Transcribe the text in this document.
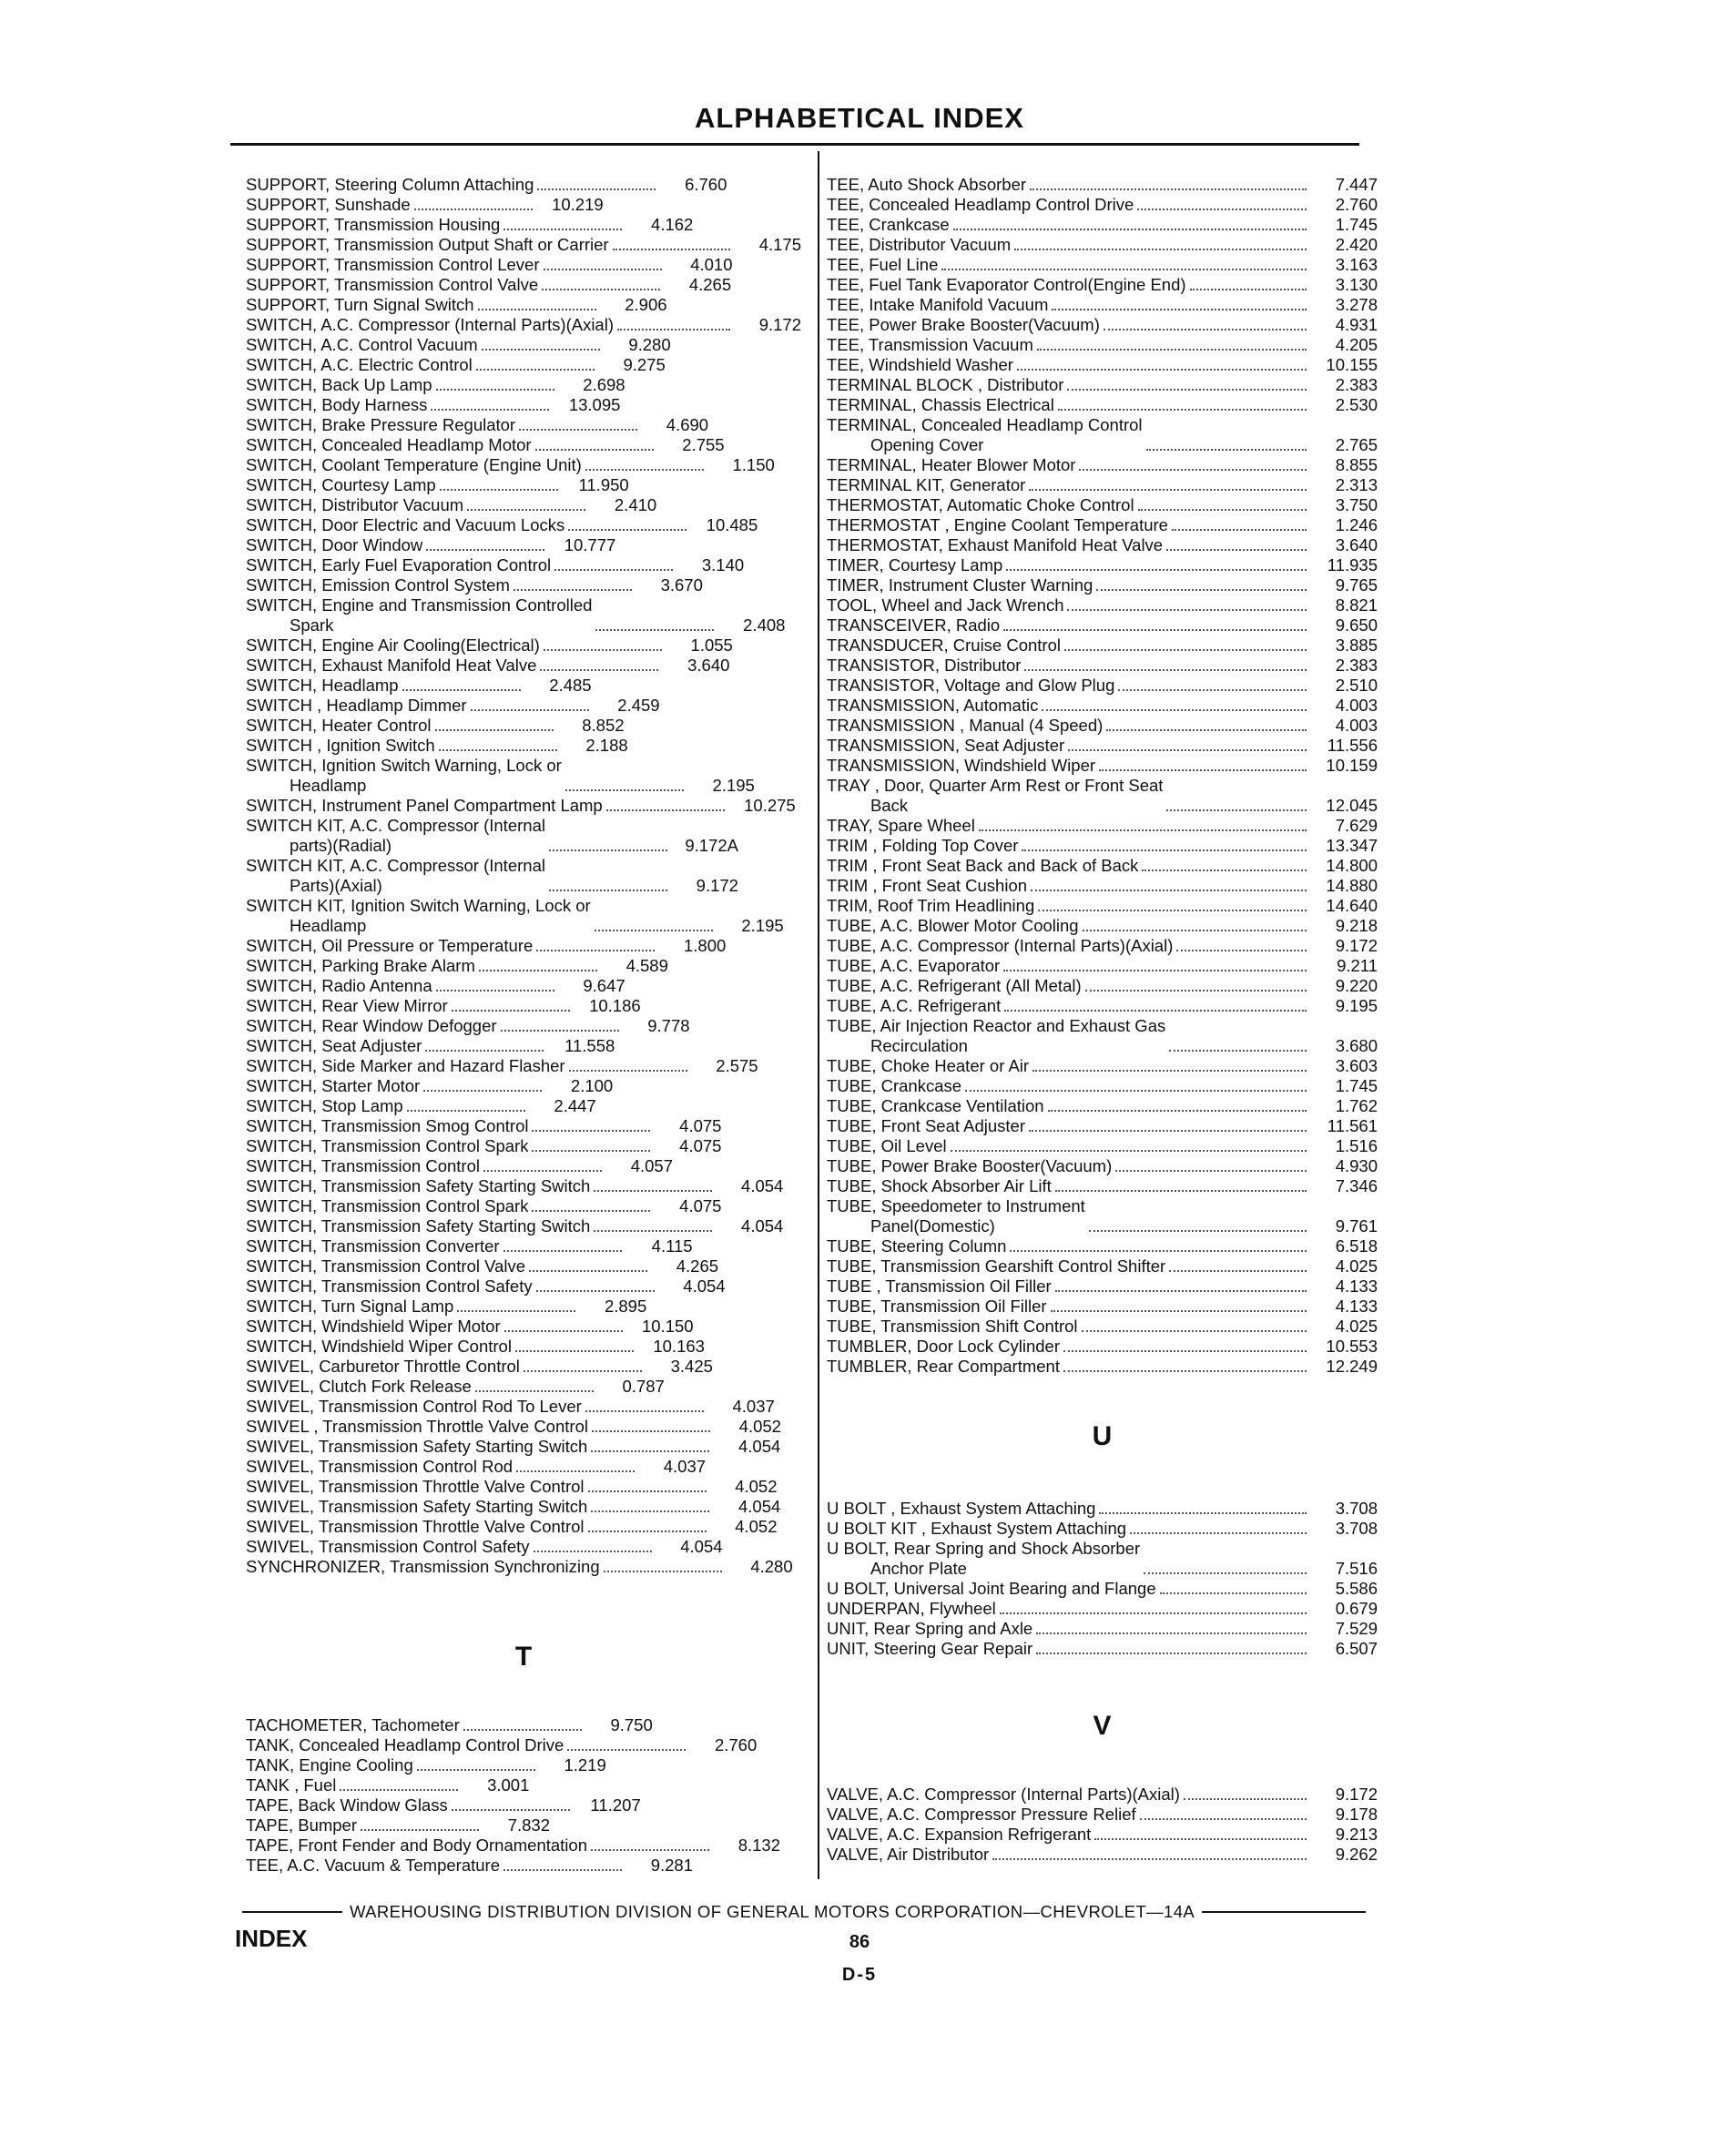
ALPHABETICAL INDEX
SUPPORT, Steering Column Attaching	6.760
SUPPORT, Sunshade	10.219
SUPPORT, Transmission Housing	4.162
SUPPORT, Transmission Output Shaft or Carrier	4.175
SUPPORT, Transmission Control Lever	4.010
SUPPORT, Transmission Control Valve	4.265
SUPPORT, Turn Signal Switch	2.906
SWITCH, A.C. Compressor (Internal Parts)(Axial)	9.172
SWITCH, A.C. Control Vacuum	9.280
SWITCH, A.C. Electric Control	9.275
SWITCH, Back Up Lamp	2.698
SWITCH, Body Harness	13.095
SWITCH, Brake Pressure Regulator	4.690
SWITCH, Concealed Headlamp Motor	2.755
SWITCH, Coolant Temperature (Engine Unit)	1.150
SWITCH, Courtesy Lamp	11.950
SWITCH, Distributor Vacuum	2.410
SWITCH, Door Electric and Vacuum Locks	10.485
SWITCH, Door Window	10.777
SWITCH, Early Fuel Evaporation Control	3.140
SWITCH, Emission Control System	3.670
SWITCH, Engine and Transmission Controlled
Spark	2.408
SWITCH, Engine Air Cooling(Electrical)	1.055
SWITCH, Exhaust Manifold Heat Valve	3.640
SWITCH, Headlamp	2.485
SWITCH , Headlamp Dimmer	2.459
SWITCH, Heater Control	8.852
SWITCH , Ignition Switch	2.188
SWITCH, Ignition Switch Warning, Lock or
Headlamp	2.195
SWITCH, Instrument Panel Compartment Lamp	10.275
SWITCH KIT, A.C. Compressor (Internal
parts)(Radial)	9.172A
SWITCH KIT, A.C. Compressor (Internal
Parts)(Axial)	9.172
SWITCH KIT, Ignition Switch Warning, Lock or
Headlamp	2.195
SWITCH, Oil Pressure or Temperature	1.800
SWITCH, Parking Brake Alarm	4.589
SWITCH, Radio Antenna	9.647
SWITCH, Rear View Mirror	10.186
SWITCH, Rear Window Defogger	9.778
SWITCH, Seat Adjuster	11.558
SWITCH, Side Marker and Hazard Flasher	2.575
SWITCH, Starter Motor	2.100
SWITCH, Stop Lamp	2.447
SWITCH, Transmission Smog Control	4.075
SWITCH, Transmission Control Spark	4.075
SWITCH, Transmission Control	4.057
SWITCH, Transmission Safety Starting Switch	4.054
SWITCH, Transmission Control Spark	4.075
SWITCH, Transmission Safety Starting Switch	4.054
SWITCH, Transmission Converter	4.115
SWITCH, Transmission Control Valve	4.265
SWITCH, Transmission Control Safety	4.054
SWITCH, Turn Signal Lamp	2.895
SWITCH, Windshield Wiper Motor	10.150
SWITCH, Windshield Wiper Control	10.163
SWIVEL, Carburetor Throttle Control	3.425
SWIVEL, Clutch Fork Release	0.787
SWIVEL, Transmission Control Rod To Lever	4.037
SWIVEL , Transmission Throttle Valve Control	4.052
SWIVEL, Transmission Safety Starting Switch	4.054
SWIVEL, Transmission Control Rod	4.037
SWIVEL, Transmission Throttle Valve Control	4.052
SWIVEL, Transmission Safety Starting Switch	4.054
SWIVEL, Transmission Throttle Valve Control	4.052
SWIVEL, Transmission Control Safety	4.054
SYNCHRONIZER, Transmission Synchronizing	4.280
T
TACHOMETER, Tachometer	9.750
TANK, Concealed Headlamp Control Drive	2.760
TANK, Engine Cooling	1.219
TANK , Fuel	3.001
TAPE, Back Window Glass	11.207
TAPE, Bumper	7.832
TAPE, Front Fender and Body Ornamentation	8.132
TEE, A.C. Vacuum & Temperature	9.281
TEE, Auto Shock Absorber	7.447
TEE, Concealed Headlamp Control Drive	2.760
TEE, Crankcase	1.745
TEE, Distributor Vacuum	2.420
TEE, Fuel Line	3.163
TEE, Fuel Tank Evaporator Control(Engine End)	3.130
TEE, Intake Manifold Vacuum	3.278
TEE, Power Brake Booster(Vacuum)	4.931
TEE, Transmission Vacuum	4.205
TEE, Windshield Washer	10.155
TERMINAL BLOCK , Distributor	2.383
TERMINAL, Chassis Electrical	2.530
TERMINAL, Concealed Headlamp Control
Opening Cover	2.765
TERMINAL, Heater Blower Motor	8.855
TERMINAL KIT, Generator	2.313
THERMOSTAT, Automatic Choke Control	3.750
THERMOSTAT , Engine Coolant Temperature	1.246
THERMOSTAT, Exhaust Manifold Heat Valve	3.640
TIMER, Courtesy Lamp	11.935
TIMER, Instrument Cluster Warning	9.765
TOOL, Wheel and Jack Wrench	8.821
TRANSCEIVER, Radio	9.650
TRANSDUCER, Cruise Control	3.885
TRANSISTOR, Distributor	2.383
TRANSISTOR, Voltage and Glow Plug	2.510
TRANSMISSION, Automatic	4.003
TRANSMISSION , Manual (4 Speed)	4.003
TRANSMISSION, Seat Adjuster	11.556
TRANSMISSION, Windshield Wiper	10.159
TRAY , Door, Quarter Arm Rest or Front Seat
Back	12.045
TRAY, Spare Wheel	7.629
TRIM , Folding Top Cover	13.347
TRIM , Front Seat Back and Back of Back	14.800
TRIM , Front Seat Cushion	14.880
TRIM, Roof Trim Headlining	14.640
TUBE, A.C. Blower Motor Cooling	9.218
TUBE, A.C. Compressor (Internal Parts)(Axial)	9.172
TUBE, A.C. Evaporator	9.211
TUBE, A.C. Refrigerant (All Metal)	9.220
TUBE, A.C. Refrigerant	9.195
TUBE, Air Injection Reactor and Exhaust Gas
Recirculation	3.680
TUBE, Choke Heater or Air	3.603
TUBE, Crankcase	1.745
TUBE, Crankcase Ventilation	1.762
TUBE, Front Seat Adjuster	11.561
TUBE, Oil Level	1.516
TUBE, Power Brake Booster(Vacuum)	4.930
TUBE, Shock Absorber Air Lift	7.346
TUBE, Speedometer to Instrument
Panel(Domestic)	9.761
TUBE, Steering Column	6.518
TUBE, Transmission Gearshift Control Shifter	4.025
TUBE , Transmission Oil Filler	4.133
TUBE, Transmission Oil Filler	4.133
TUBE, Transmission Shift Control	4.025
TUMBLER, Door Lock Cylinder	10.553
TUMBLER, Rear Compartment	12.249
U
U BOLT , Exhaust System Attaching	3.708
U BOLT KIT , Exhaust System Attaching	3.708
U BOLT, Rear Spring and Shock Absorber
Anchor Plate	7.516
U BOLT, Universal Joint Bearing and Flange	5.586
UNDERPAN, Flywheel	0.679
UNIT, Rear Spring and Axle	7.529
UNIT, Steering Gear Repair	6.507
V
VALVE, A.C. Compressor (Internal Parts)(Axial)	9.172
VALVE, A.C. Compressor Pressure Relief	9.178
VALVE, A.C. Expansion Refrigerant	9.213
VALVE, Air Distributor	9.262
WAREHOUSING DISTRIBUTION DIVISION OF GENERAL MOTORS CORPORATION—CHEVROLET—14A
INDEX	86
D-5
